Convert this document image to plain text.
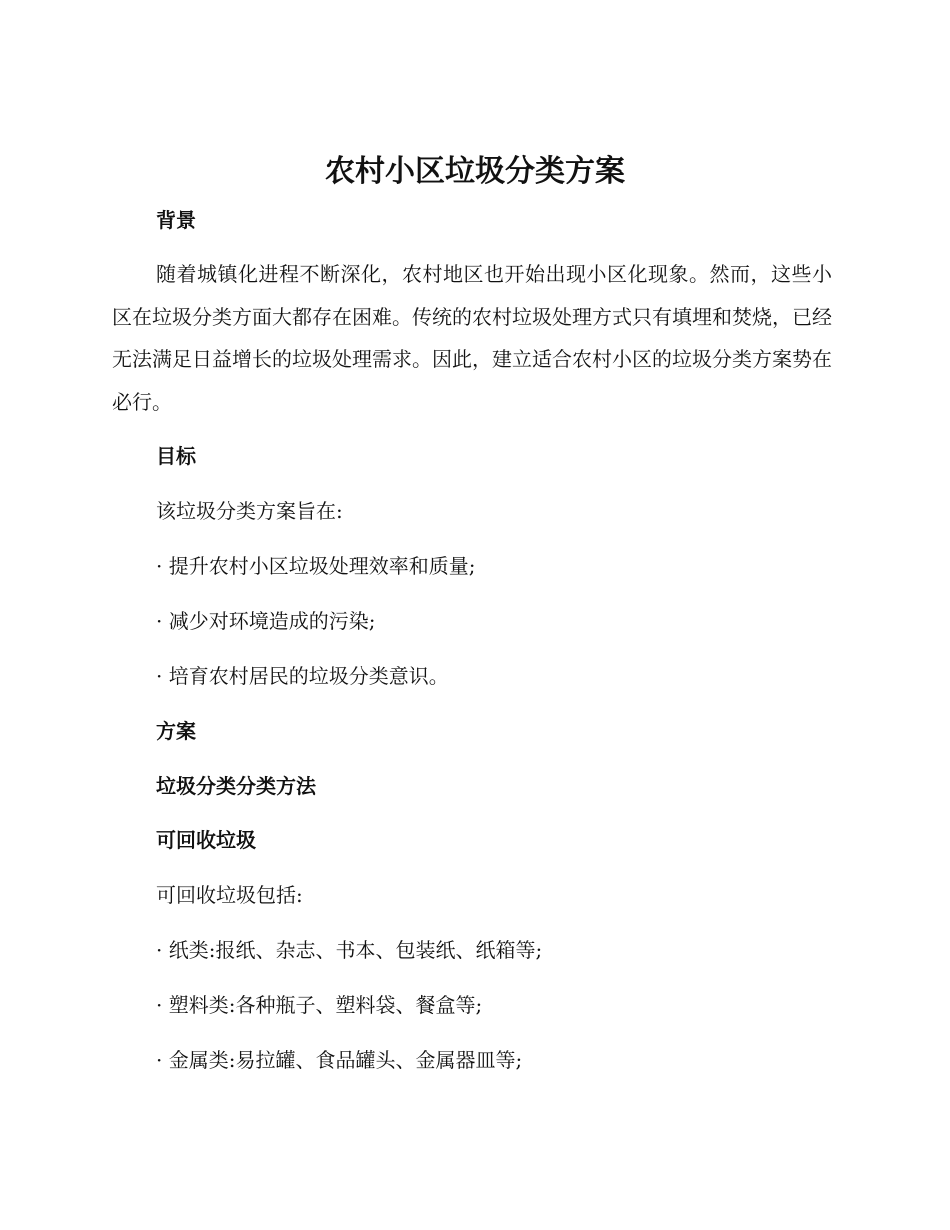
农村小区垃圾分类方案
背景

随着城镇化进程不断深化，农村地区也开始出现小区化现象。然而，这些小区在垃圾分类方面大都存在困难。传统的农村垃圾处理方式只有填埋和焚烧，已经无法满足日益增长的垃圾处理需求。因此，建立适合农村小区的垃圾分类方案势在必行。

目标

该垃圾分类方案旨在:

· 提升农村小区垃圾处理效率和质量;

· 减少对环境造成的污染;

· 培育农村居民的垃圾分类意识。

方案
垃圾分类分类方法
可回收垃圾

可回收垃圾包括:

· 纸类:报纸、杂志、书本、包装纸、纸箱等;

· 塑料类:各种瓶子、塑料袋、餐盒等;

· 金属类:易拉罐、食品罐头、金属器皿等;
